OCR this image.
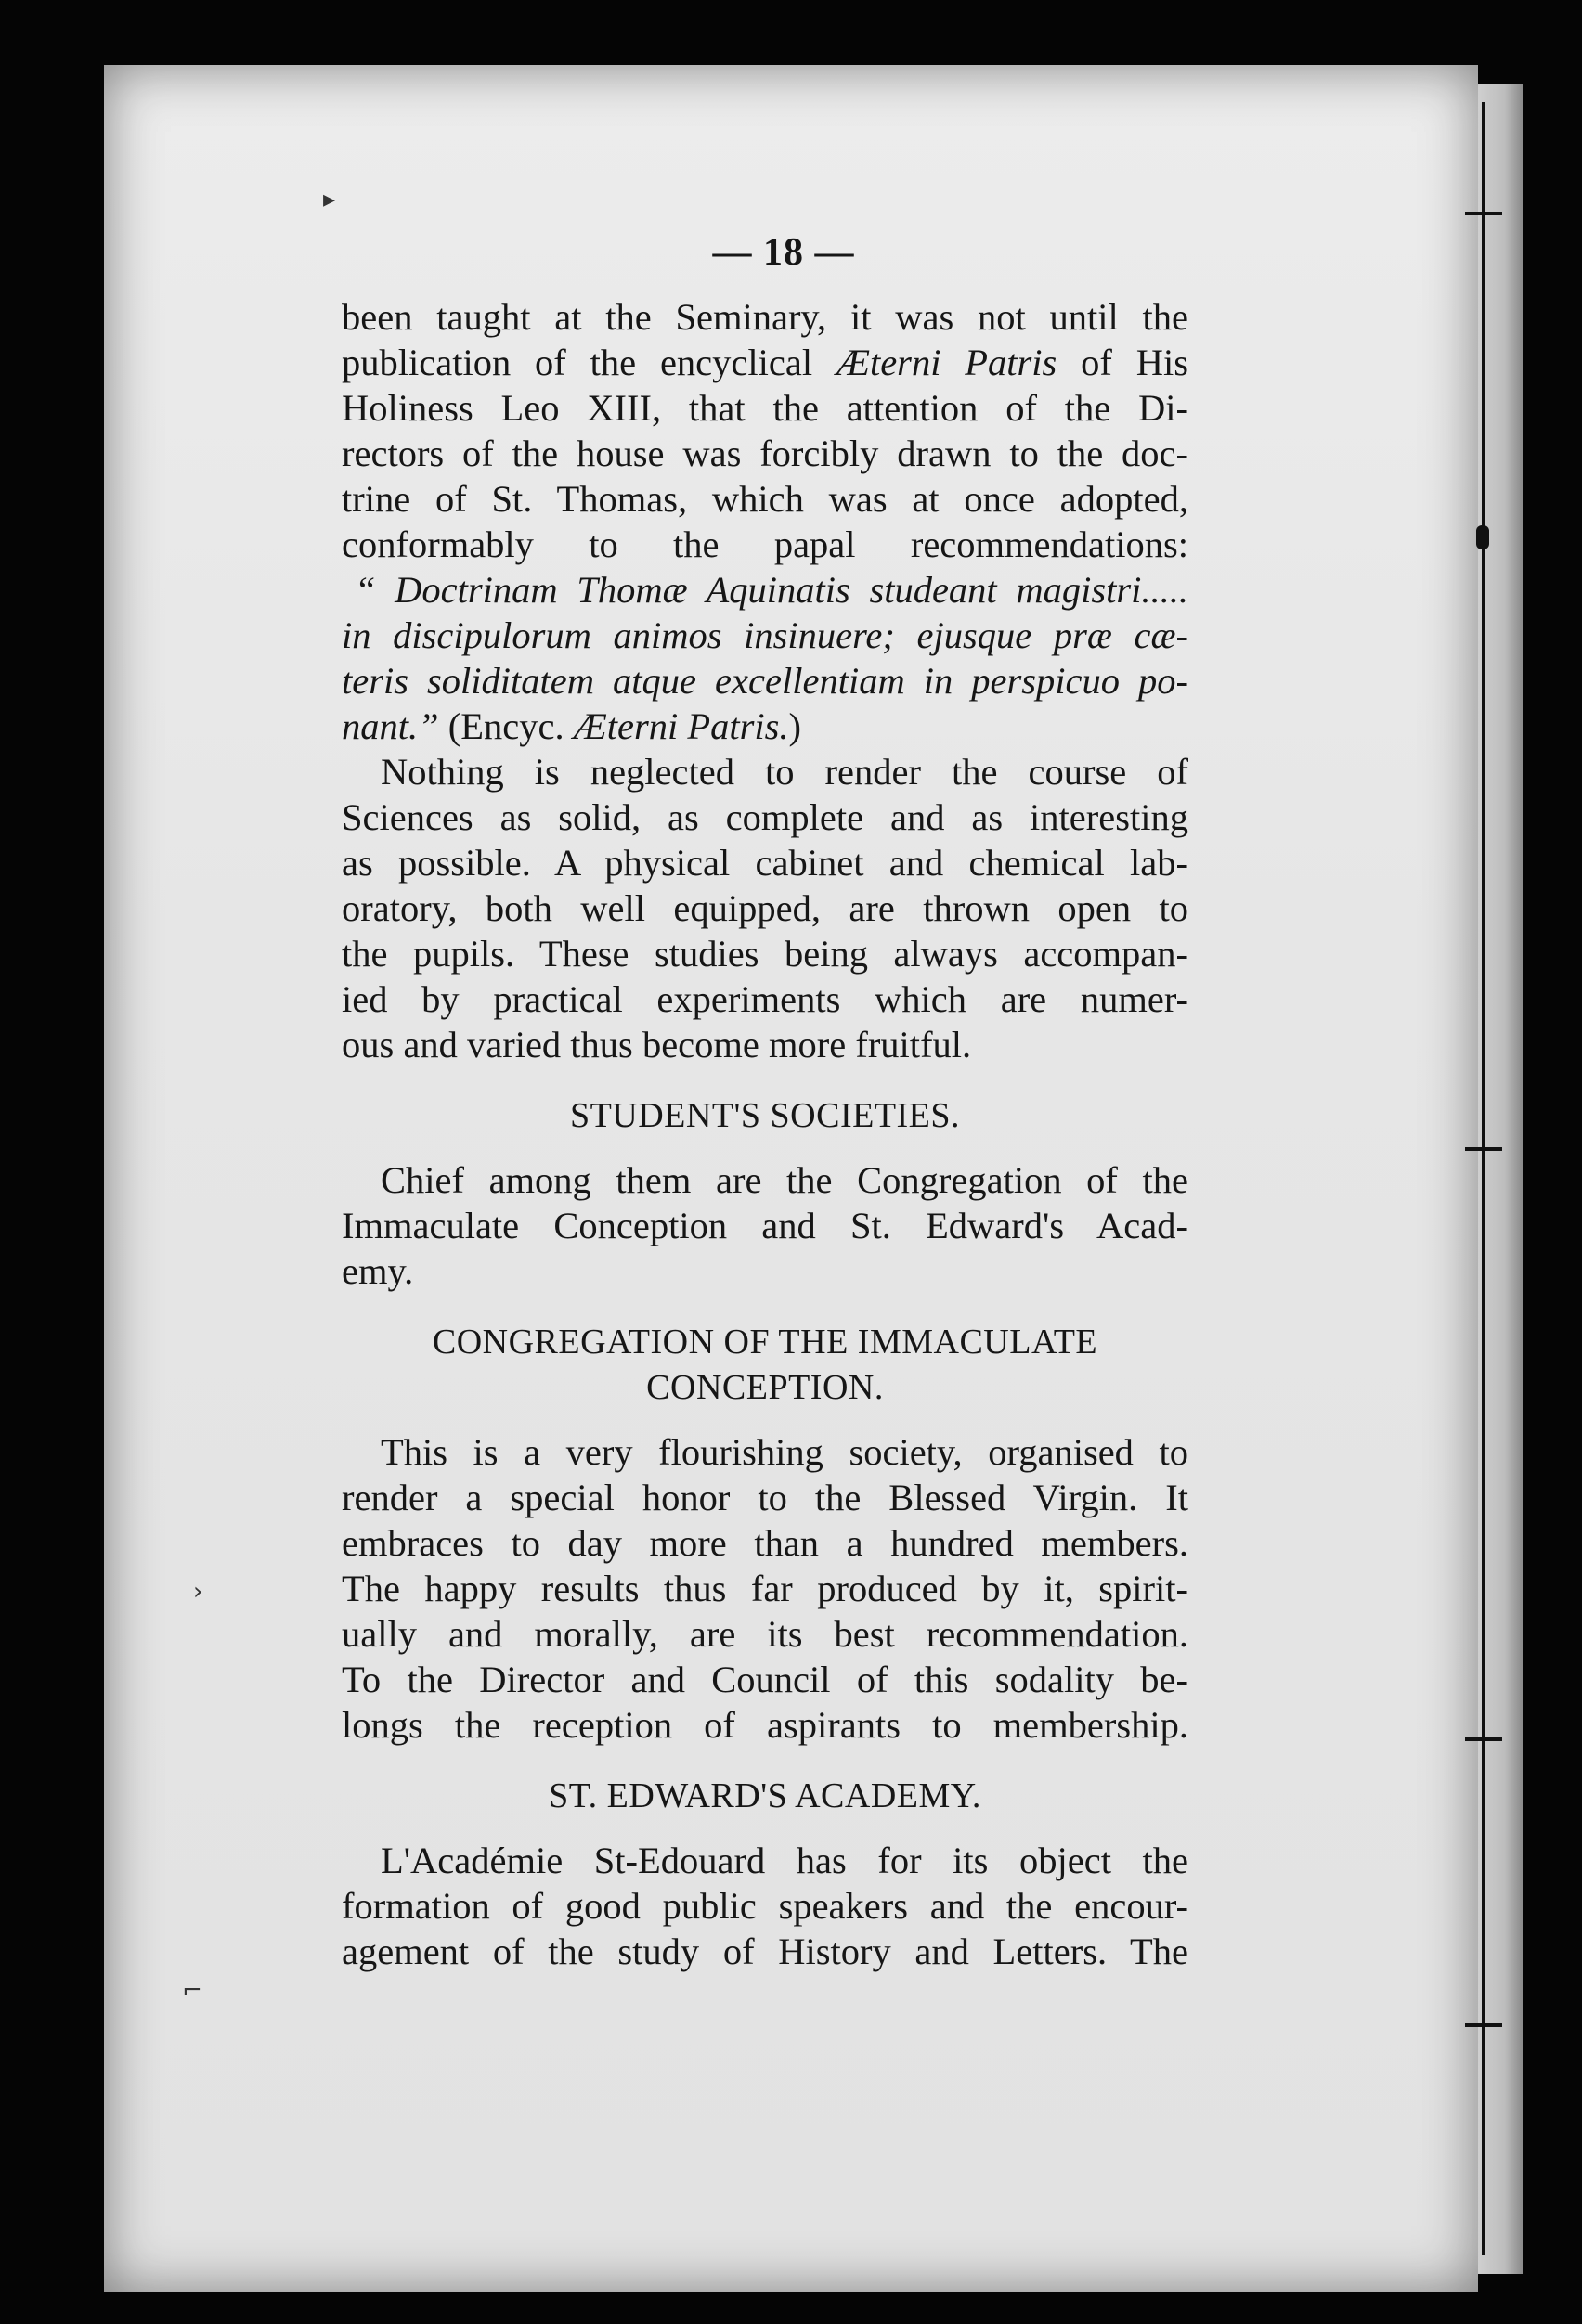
▸
›
⌐
— 18 —
been taught at the Seminary, it was not until the
publication of the encyclical Æterni Patris of His
Holiness Leo XIII, that the attention of the Di-
rectors of the house was forcibly drawn to the doc-
trine of St. Thomas, which was at once adopted,
conformably to the papal recommendations:
“ Doctrinam Thomæ Aquinatis studeant magistri.....
in discipulorum animos insinuere; ejusque præ cæ-
teris soliditatem atque excellentiam in perspicuo po-
nant.” (Encyc. Æterni Patris.)
Nothing is neglected to render the course of
Sciences as solid, as complete and as interesting
as possible. A physical cabinet and chemical lab-
oratory, both well equipped, are thrown open to
the pupils. These studies being always accompan-
ied by practical experiments which are numer-
ous and varied thus become more fruitful.
STUDENT'S SOCIETIES.
Chief among them are the Congregation of the
Immaculate Conception and St. Edward's Acad-
emy.
CONGREGATION OF THE IMMACULATE
CONCEPTION.
This is a very flourishing society, organised to
render a special honor to the Blessed Virgin. It
embraces to day more than a hundred members.
The happy results thus far produced by it, spirit-
ually and morally, are its best recommendation.
To the Director and Council of this sodality be-
longs the reception of aspirants to membership.
ST. EDWARD'S ACADEMY.
L'Académie St-Edouard has for its object the
formation of good public speakers and the encour-
agement of the study of History and Letters. The
